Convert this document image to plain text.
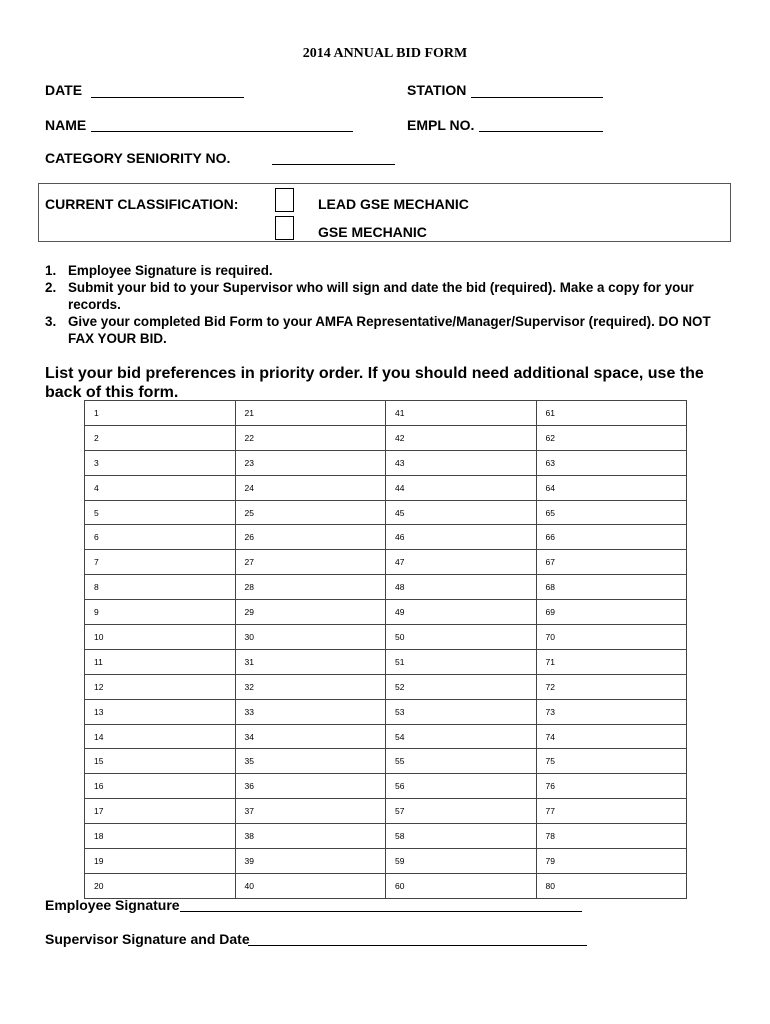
2014 ANNUAL BID FORM
DATE	STATION
NAME	EMPL NO.
CATEGORY SENIORITY NO.
CURRENT CLASSIFICATION:	LEAD GSE MECHANIC
GSE MECHANIC
1. Employee Signature is required.
2. Submit your bid to your Supervisor who will sign and date the bid (required). Make a copy for your records.
3. Give your completed Bid Form to your AMFA Representative/Manager/Supervisor (required). DO NOT FAX YOUR BID.
List your bid preferences in priority order. If you should need additional space, use the back of this form.
1	21	41	61
2	22	42	62
3	23	43	63
4	24	44	64
5	25	45	65
6	26	46	66
7	27	47	67
8	28	48	68
9	29	49	69
10	30	50	70
11	31	51	71
12	32	52	72
13	33	53	73
14	34	54	74
15	35	55	75
16	36	56	76
17	37	57	77
18	38	58	78
19	39	59	79
20	40	60	80
Employee Signature
Supervisor Signature and Date
